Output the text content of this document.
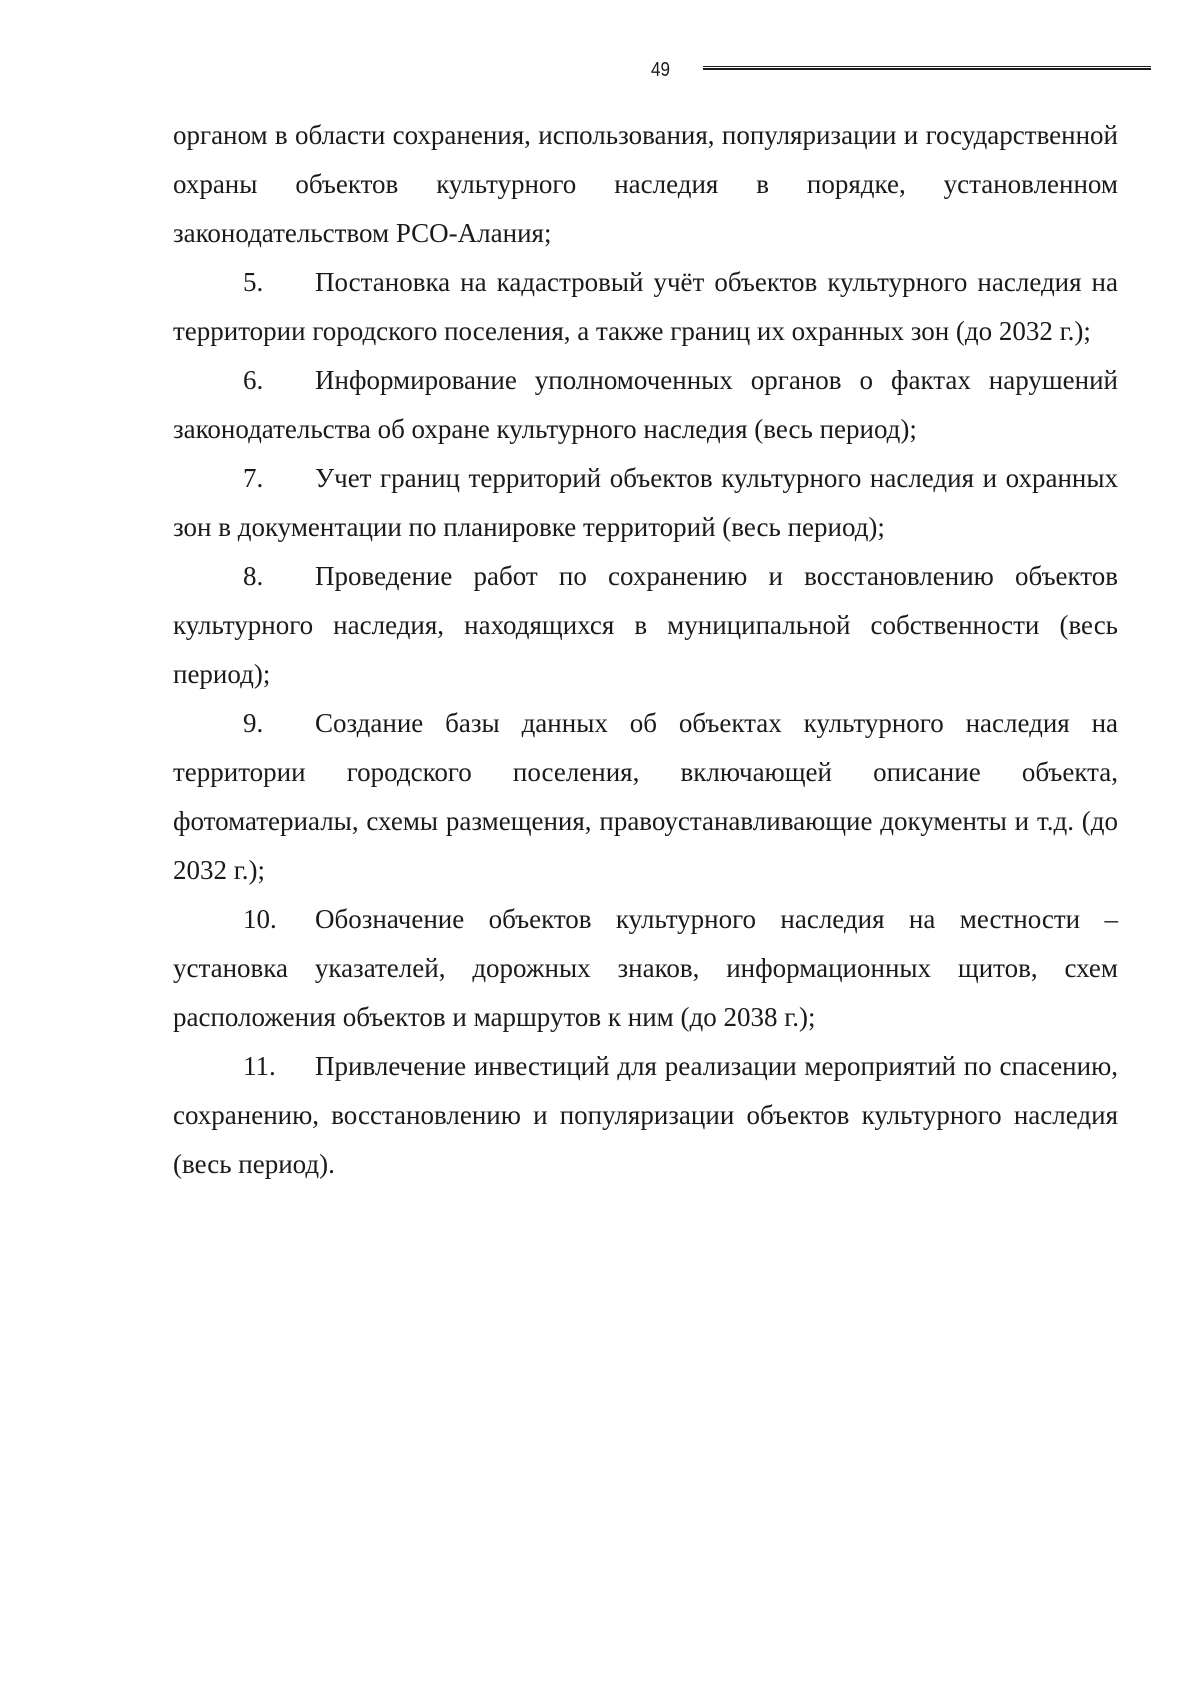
49

органом в области сохранения, использования, популяризации и государственной охраны объектов культурного наследия в порядке, установленном законодательством РСО-Алания;

5. Постановка на кадастровый учёт объектов культурного наследия на территории городского поселения, а также границ их охранных зон (до 2032 г.);

6. Информирование уполномоченных органов о фактах нарушений законодательства об охране культурного наследия (весь период);

7. Учет границ территорий объектов культурного наследия и охранных зон в документации по планировке территорий (весь период);

8. Проведение работ по сохранению и восстановлению объектов культурного наследия, находящихся в муниципальной собственности (весь период);

9. Создание базы данных об объектах культурного наследия на территории городского поселения, включающей описание объекта, фотоматериалы, схемы размещения, правоустанавливающие документы и т.д. (до 2032 г.);

10. Обозначение объектов культурного наследия на местности – установка указателей, дорожных знаков, информационных щитов, схем расположения объектов и маршрутов к ним (до 2038 г.);

11. Привлечение инвестиций для реализации мероприятий по спасению, сохранению, восстановлению и популяризации объектов культурного наследия (весь период).
